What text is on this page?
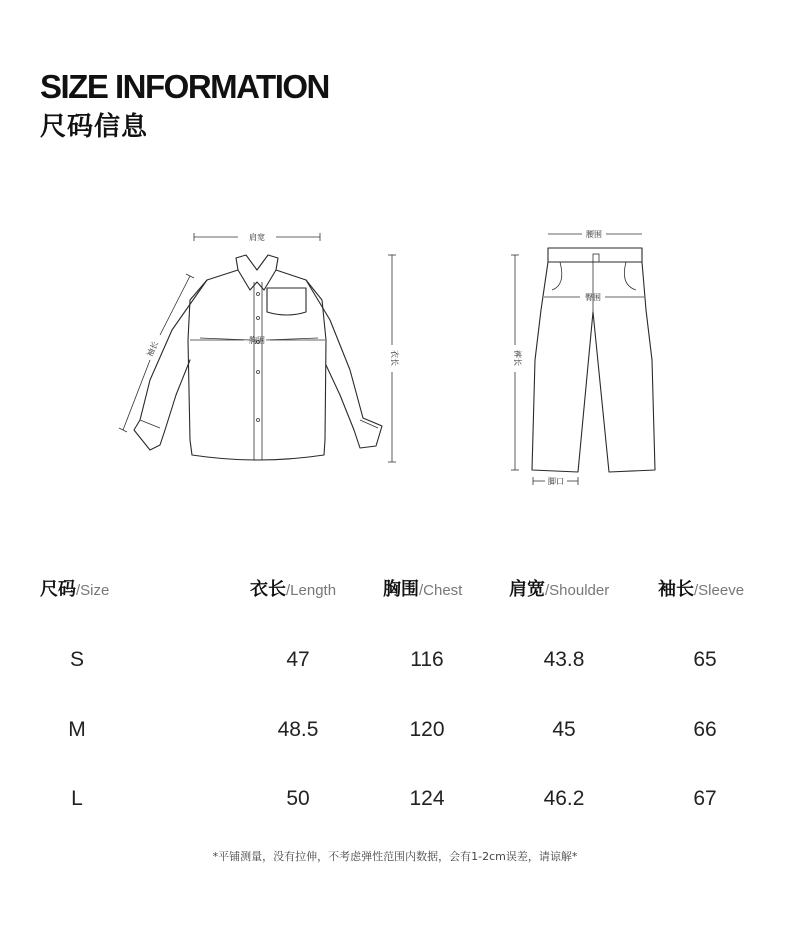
SIZE INFORMATION
尺码信息
肩宽
胸围
袖长	衣长
腰围
臀围
裤长
脚口
尺码/Size	衣长/Length	胸围/Chest	肩宽/Shoulder	袖长/Sleeve
S	47	116	43.8	65
M	48.5	120	45	66
L	50	124	46.2	67
*平铺测量，没有拉伸，不考虑弹性范围内数据，会有1-2cm误差，请谅解*
